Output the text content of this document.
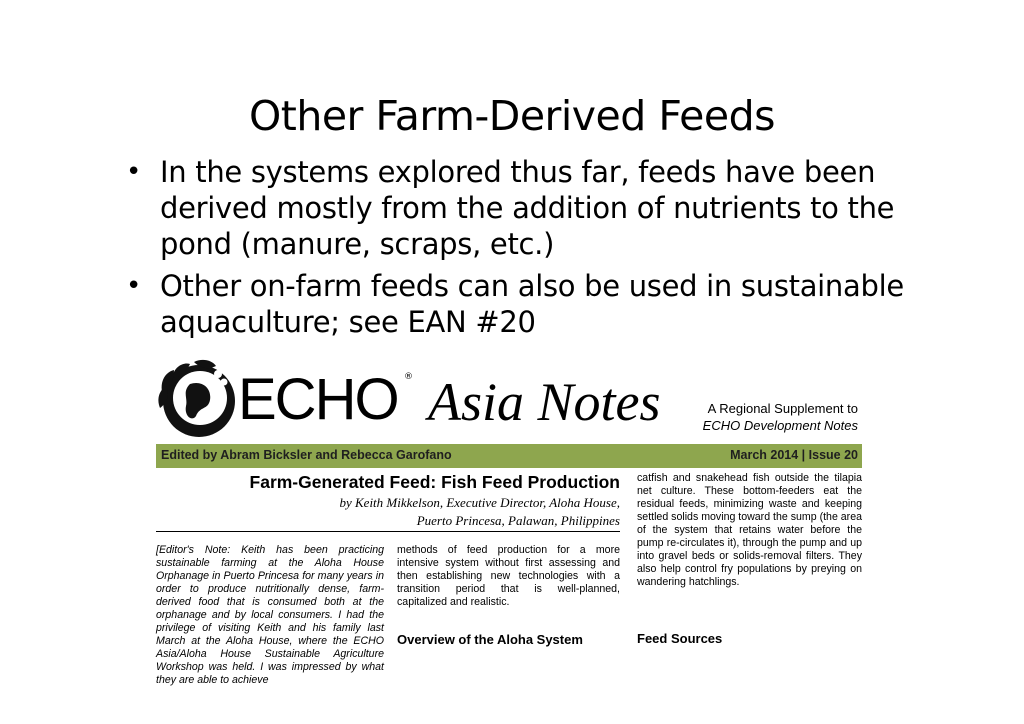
Other Farm-Derived Feeds
• In the systems explored thus far, feeds have been derived mostly from the addition of nutrients to the pond (manure, scraps, etc.)
• Other on-farm feeds can also be used in sustainable aquaculture; see EAN #20
ECHO ® Asia Notes	A Regional Supplement to
ECHO Development Notes
Edited by Abram Bicksler and Rebecca Garofano	March 2014 | Issue 20
Farm-Generated Feed: Fish Feed Production
by Keith Mikkelson, Executive Director, Aloha House,
Puerto Princesa, Palawan, Philippines
[Editor's Note: Keith has been practicing sustainable farming at the Aloha House Orphanage in Puerto Princesa for many years in order to produce nutritionally dense, farm-derived food that is consumed both at the orphanage and by local consumers. I had the privilege of visiting Keith and his family last March at the Aloha House, where the ECHO Asia/Aloha House Sustainable Agriculture Workshop was held. I was impressed by what they are able to achieve
methods of feed production for a more intensive system without first assessing and then establishing new technologies with a transition period that is well-planned, capitalized and realistic.
Overview of the Aloha System
catfish and snakehead fish outside the tilapia net culture. These bottom-feeders eat the residual feeds, minimizing waste and keeping settled solids moving toward the sump (the area of the system that retains water before the pump re-circulates it), through the pump and up into gravel beds or solids-removal filters. They also help control fry populations by preying on wandering hatchlings.
Feed Sources
